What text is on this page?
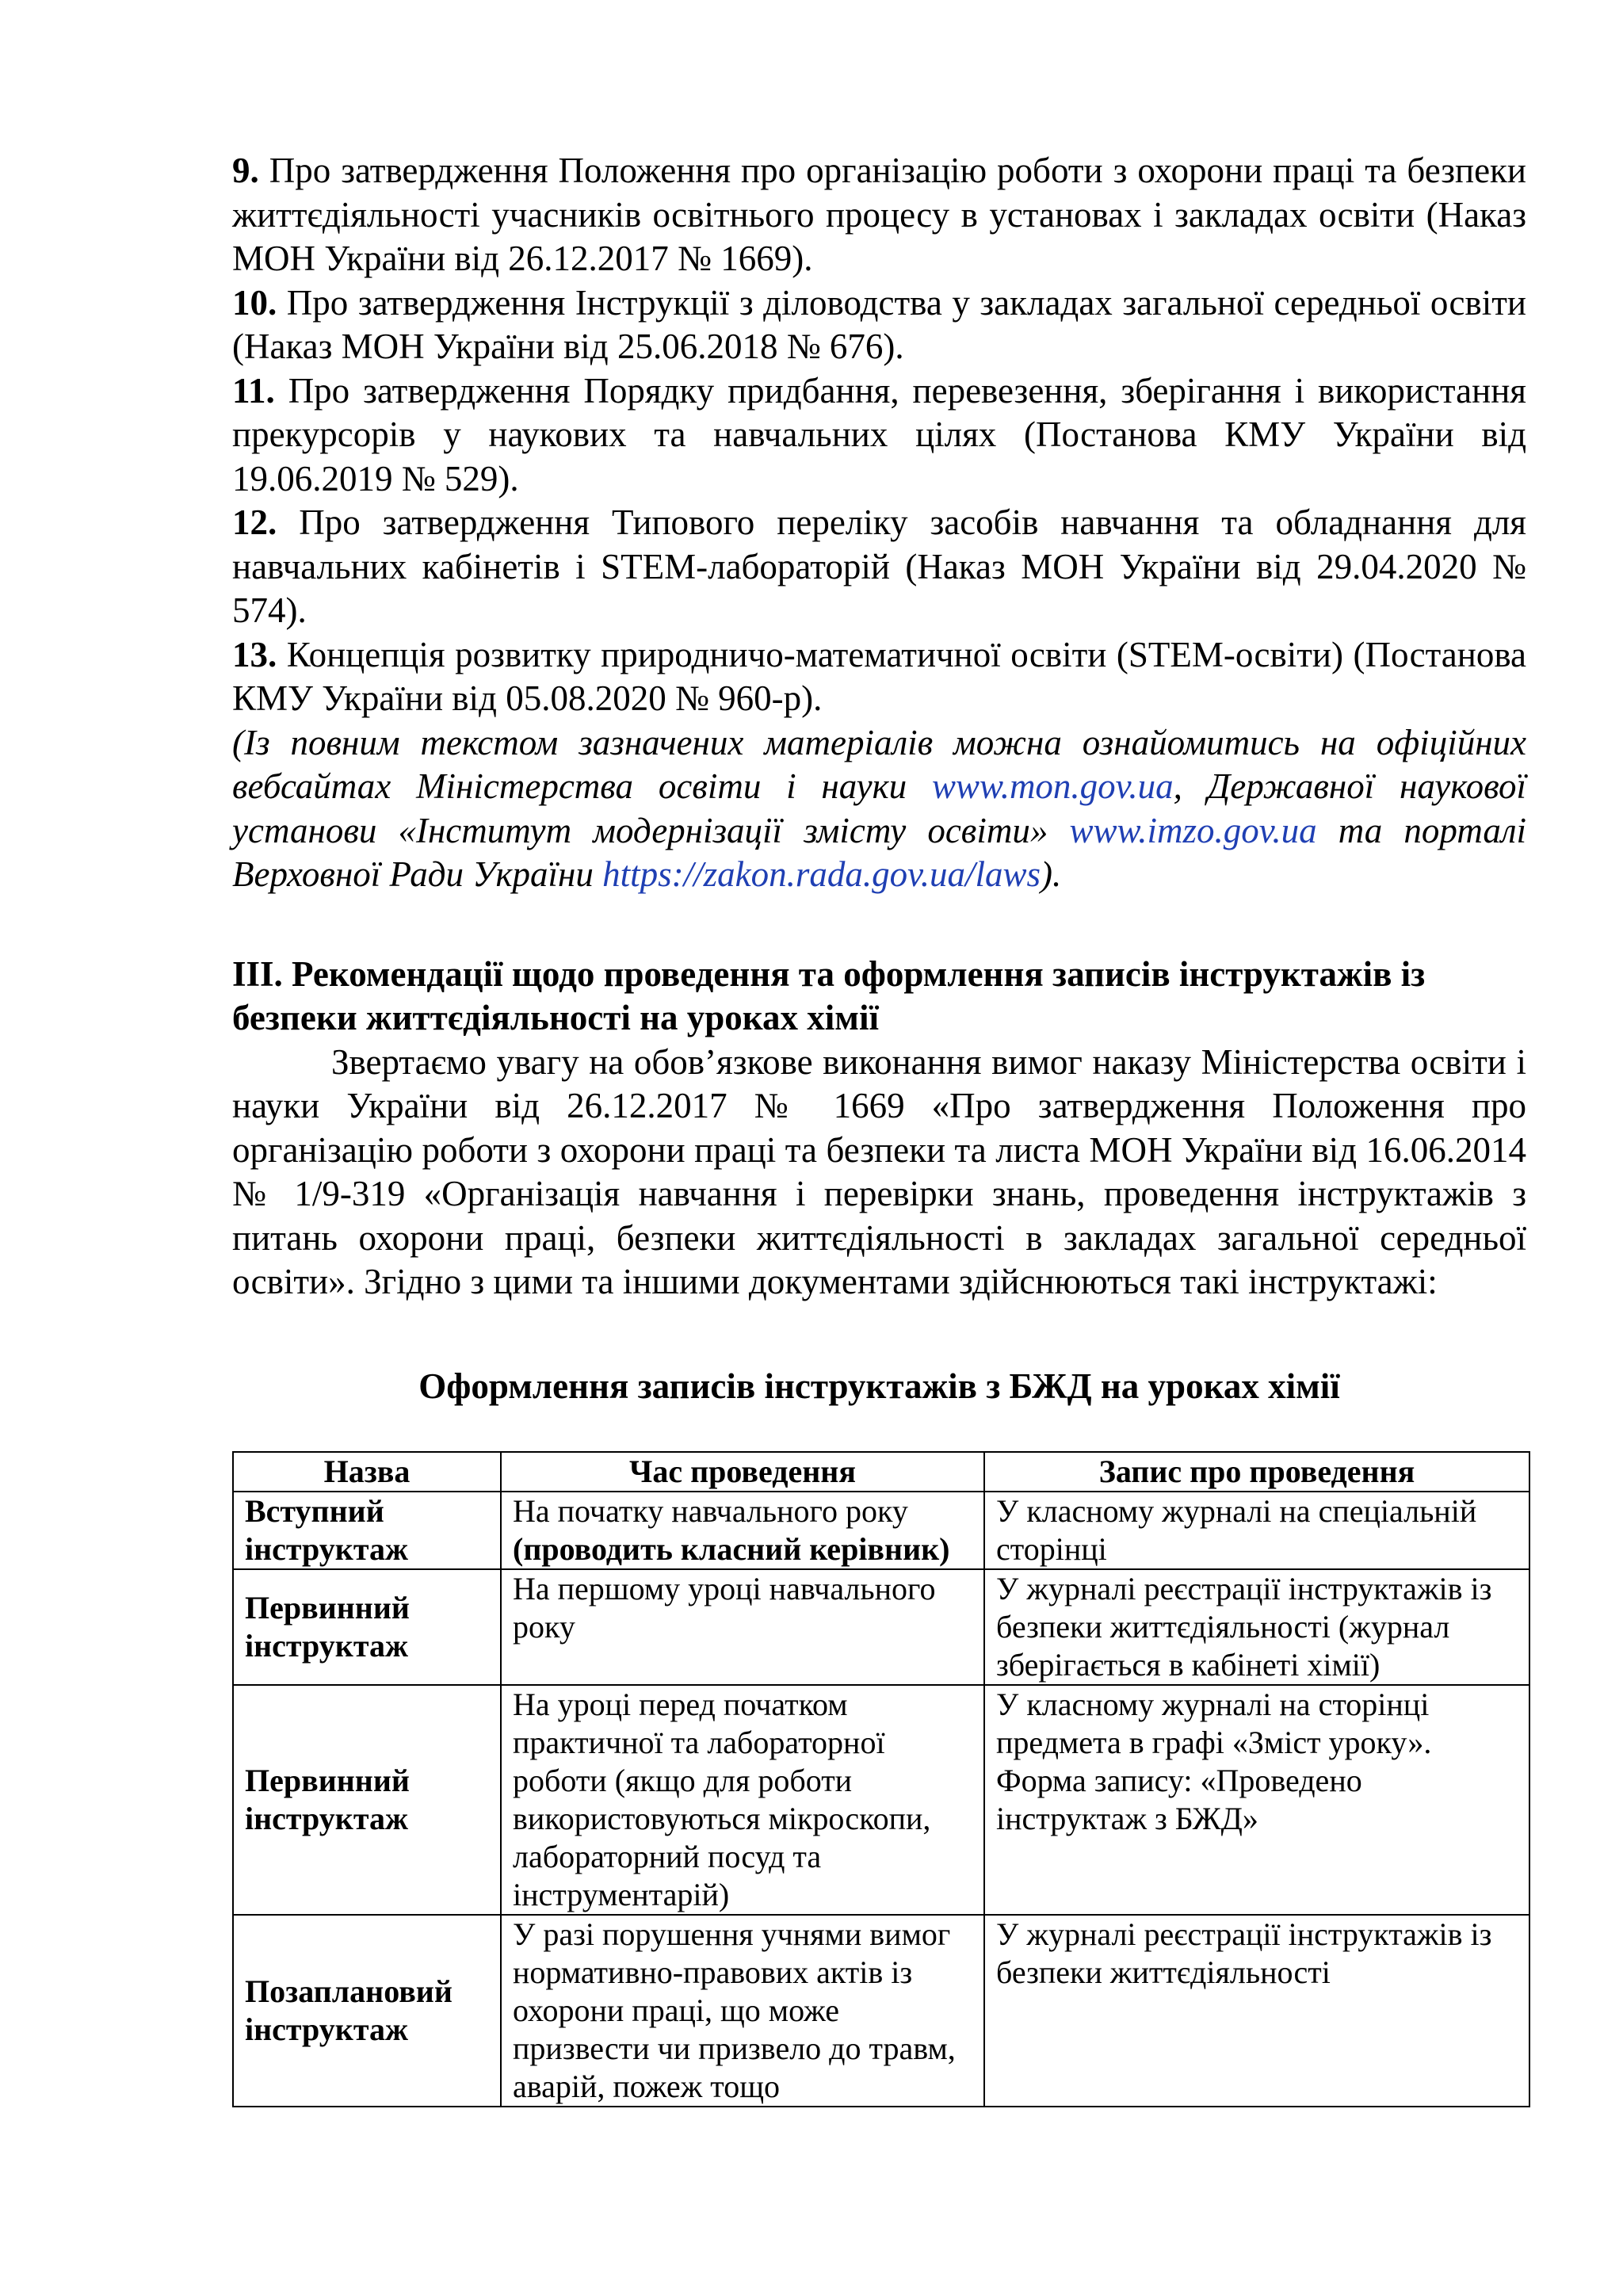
9. Про затвердження Положення про організацію роботи з охорони праці та безпеки життєдіяльності учасників освітнього процесу в установах і закладах освіти (Наказ МОН України від 26.12.2017 № 1669).

10. Про затвердження Інструкції з діловодства у закладах загальної середньої освіти (Наказ МОН України від 25.06.2018 № 676).

11. Про затвердження Порядку придбання, перевезення, зберігання і використання прекурсорів у наукових та навчальних цілях (Постанова КМУ України від 19.06.2019 № 529).

12. Про затвердження Типового переліку засобів навчання та обладнання для навчальних кабінетів і STEM-лабораторій (Наказ МОН України від 29.04.2020 № 574).

13. Концепція розвитку природничо-математичної освіти (STEM-освіти) (Постанова КМУ України від 05.08.2020 № 960-р).

(Із повним текстом зазначених матеріалів можна ознайомитись на офіційних вебсайтах Міністерства освіти і науки www.mon.gov.ua, Державної наукової установи «Інститут модернізації змісту освіти» www.imzo.gov.ua та порталі Верховної Ради України https://zakon.rada.gov.ua/laws).

ІІІ. Рекомендації щодо проведення та оформлення записів інструктажів із безпеки життєдіяльності на уроках хімії

Звертаємо увагу на обов’язкове виконання вимог наказу Міністерства освіти і науки України від 26.12.2017 № 1669 «Про затвердження Положення про організацію роботи з охорони праці та безпеки та листа МОН України від 16.06.2014 № 1/9-319 «Організація навчання і перевірки знань, проведення інструктажів з питань охорони праці, безпеки життєдіяльності в закладах загальної середньої освіти». Згідно з цими та іншими документами здійснюються такі інструктажі:

Оформлення записів інструктажів з БЖД на уроках хімії

Назва	Час проведення	Запис про проведення
Вступний інструктаж	На початку навчального року (проводить класний керівник)	У класному журналі на спеціальній сторінці
Первинний інструктаж	На першому уроці навчального року	У журналі реєстрації інструктажів із безпеки життєдіяльності (журнал зберігається в кабінеті хімії)
Первинний інструктаж	На уроці перед початком практичної та лабораторної роботи (якщо для роботи використовуються мікроскопи, лабораторний посуд та інструментарій)	У класному журналі на сторінці предмета в графі «Зміст уроку». Форма запису: «Проведено інструктаж з БЖД»
Позаплановий інструктаж	У разі порушення учнями вимог нормативно-правових актів із охорони праці, що може призвести чи призвело до травм, аварій, пожеж тощо	У журналі реєстрації інструктажів із безпеки життєдіяльності
